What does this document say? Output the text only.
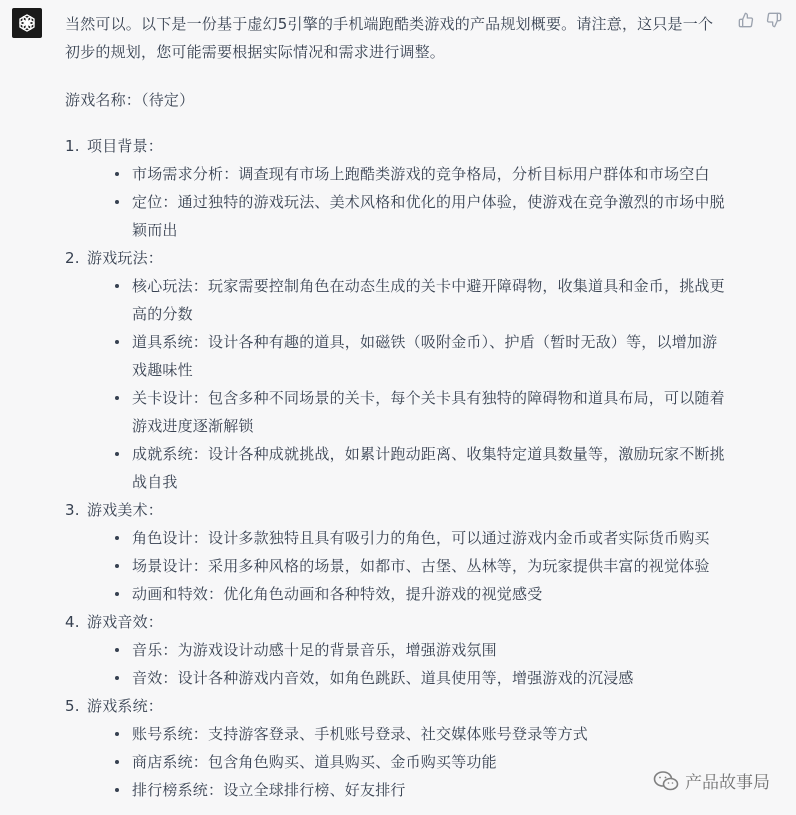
当然可以。以下是一份基于虚幻5引擎的手机端跑酷类游戏的产品规划概要。请注意，这只是一个初步的规划，您可能需要根据实际情况和需求进行调整。

游戏名称：（待定）

1. 项目背景：
市场需求分析：调查现有市场上跑酷类游戏的竞争格局，分析目标用户群体和市场空白
定位：通过独特的游戏玩法、美术风格和优化的用户体验，使游戏在竞争激烈的市场中脱颖而出
2. 游戏玩法：
核心玩法：玩家需要控制角色在动态生成的关卡中避开障碍物，收集道具和金币，挑战更高的分数
道具系统：设计各种有趣的道具，如磁铁（吸附金币）、护盾（暂时无敌）等，以增加游戏趣味性
关卡设计：包含多种不同场景的关卡，每个关卡具有独特的障碍物和道具布局，可以随着游戏进度逐渐解锁
成就系统：设计各种成就挑战，如累计跑动距离、收集特定道具数量等，激励玩家不断挑战自我
3. 游戏美术：
角色设计：设计多款独特且具有吸引力的角色，可以通过游戏内金币或者实际货币购买
场景设计：采用多种风格的场景，如都市、古堡、丛林等，为玩家提供丰富的视觉体验
动画和特效：优化角色动画和各种特效，提升游戏的视觉感受
4. 游戏音效：
音乐：为游戏设计动感十足的背景音乐，增强游戏氛围
音效：设计各种游戏内音效，如角色跳跃、道具使用等，增强游戏的沉浸感
5. 游戏系统：
账号系统：支持游客登录、手机账号登录、社交媒体账号登录等方式
商店系统：包含角色购买、道具购买、金币购买等功能
排行榜系统：设立全球排行榜、好友排行	产品故事局
